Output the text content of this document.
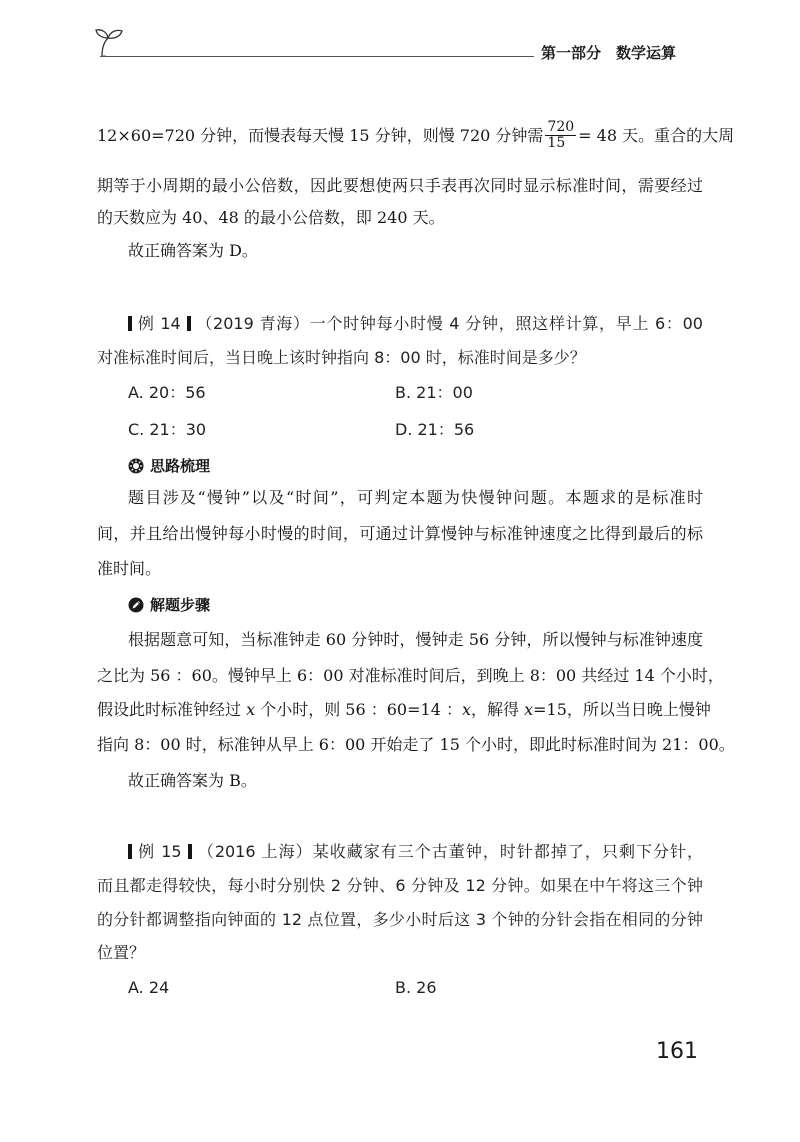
第一部分　数学运算
12×60=720 分钟，而慢表每天慢 15 分钟，则慢 720 分钟需 $\frac{720}{15} = 48$ 天。重合的大周
期等于小周期的最小公倍数，因此要想使两只手表再次同时显示标准时间，需要经过
的天数应为 40、48 的最小公倍数，即 240 天。
故正确答案为 D。
例 14 （2019 青海）一个时钟每小时慢 4 分钟，照这样计算，早上 6：00
对准标准时间后，当日晚上该时钟指向 8：00 时，标准时间是多少？
A. 20：56	B. 21：00
C. 21：30	D. 21：56
思路梳理
题目涉及“慢钟”以及“时间”，可判定本题为快慢钟问题。本题求的是标准时
间，并且给出慢钟每小时慢的时间，可通过计算慢钟与标准钟速度之比得到最后的标
准时间。
解题步骤
根据题意可知，当标准钟走 60 分钟时，慢钟走 56 分钟，所以慢钟与标准钟速度
之比为 56 ：60。慢钟早上 6：00 对准标准时间后，到晚上 8：00 共经过 14 个小时，
假设此时标准钟经过 x 个小时，则 56 ：60=14 ：x，解得 x=15，所以当日晚上慢钟
指向 8：00 时，标准钟从早上 6：00 开始走了 15 个小时，即此时标准时间为 21：00。
故正确答案为 B。
例 15 （2016 上海）某收藏家有三个古董钟，时针都掉了，只剩下分针，
而且都走得较快，每小时分别快 2 分钟、6 分钟及 12 分钟。如果在中午将这三个钟
的分针都调整指向钟面的 12 点位置，多少小时后这 3 个钟的分针会指在相同的分钟
位置？
A. 24	B. 26
161
